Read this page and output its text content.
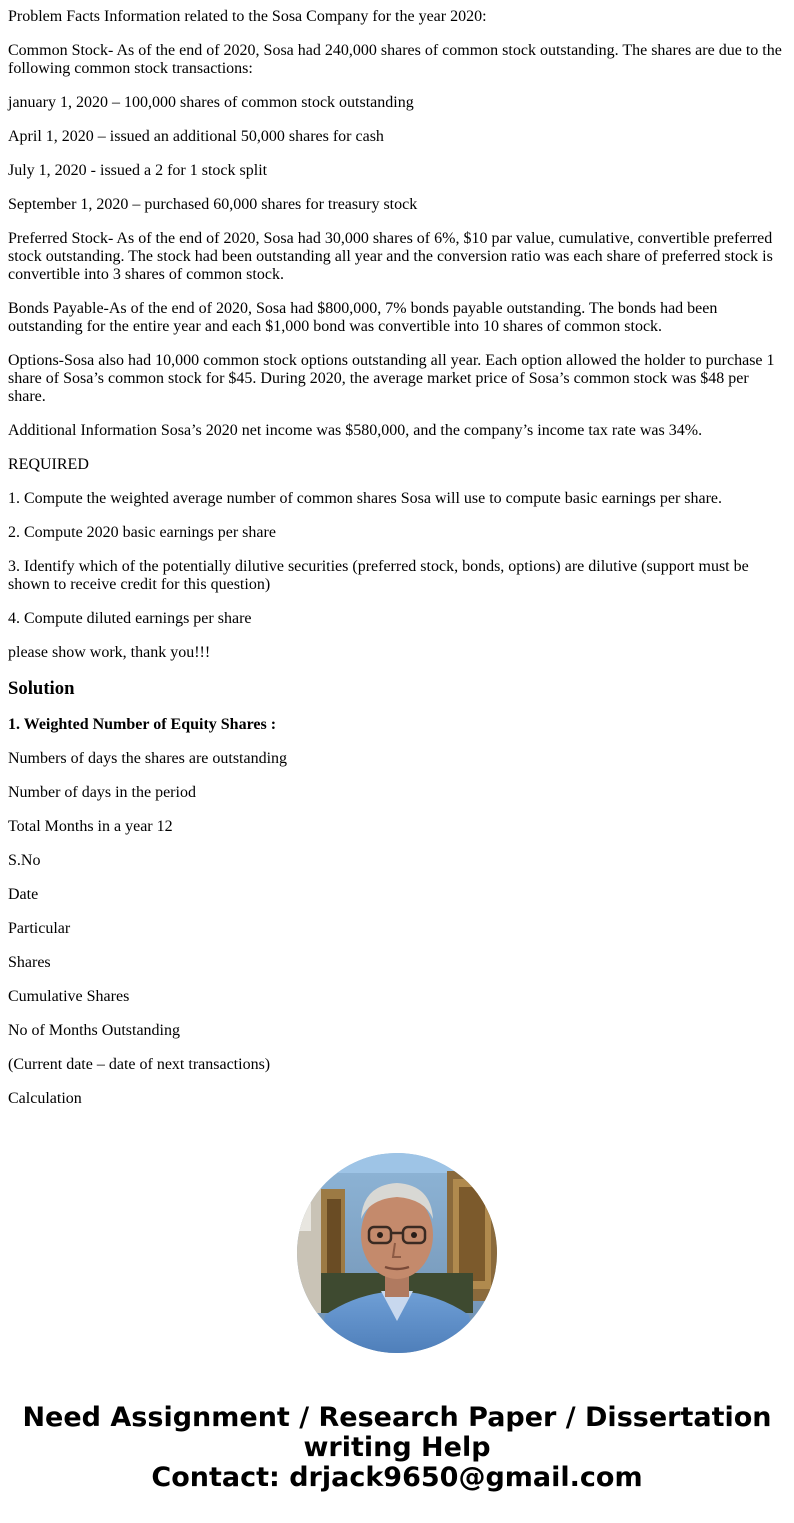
Problem Facts Information related to the Sosa Company for the year 2020:

Common Stock- As of the end of 2020, Sosa had 240,000 shares of common stock outstanding. The shares are due to the following common stock transactions:

january 1, 2020 – 100,000 shares of common stock outstanding

April 1, 2020 – issued an additional 50,000 shares for cash

July 1, 2020 - issued a 2 for 1 stock split

September 1, 2020 – purchased 60,000 shares for treasury stock

Preferred Stock- As of the end of 2020, Sosa had 30,000 shares of 6%, $10 par value, cumulative, convertible preferred stock outstanding. The stock had been outstanding all year and the conversion ratio was each share of preferred stock is convertible into 3 shares of common stock.

Bonds Payable-As of the end of 2020, Sosa had $800,000, 7% bonds payable outstanding. The bonds had been outstanding for the entire year and each $1,000 bond was convertible into 10 shares of common stock.

Options-Sosa also had 10,000 common stock options outstanding all year. Each option allowed the holder to purchase 1 share of Sosa’s common stock for $45. During 2020, the average market price of Sosa’s common stock was $48 per share.

Additional Information Sosa’s 2020 net income was $580,000, and the company’s income tax rate was 34%.

REQUIRED

1. Compute the weighted average number of common shares Sosa will use to compute basic earnings per share.

2. Compute 2020 basic earnings per share

3. Identify which of the potentially dilutive securities (preferred stock, bonds, options) are dilutive (support must be shown to receive credit for this question)

4. Compute diluted earnings per share

please show work, thank you!!!

Solution

1. Weighted Number of Equity Shares :

Numbers of days the shares are outstanding

Number of days in the period

Total Months in a year 12

S.No

Date

Particular

Shares

Cumulative Shares

No of Months Outstanding

(Current date – date of next transactions)

Calculation

Need Assignment / Research Paper / Dissertation
writing Help
Contact: drjack9650@gmail.com
